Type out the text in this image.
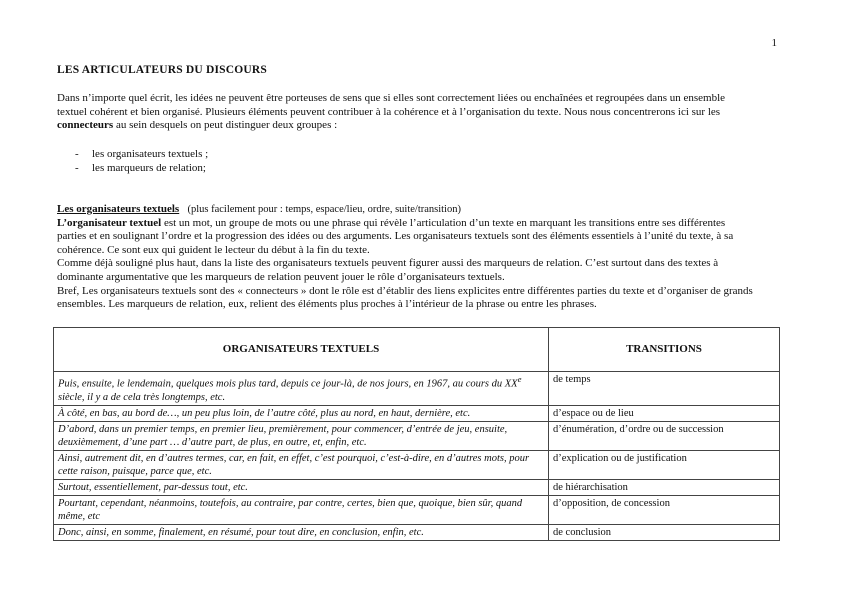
1
LES ARTICULATEURS DU DISCOURS
Dans n’importe quel écrit, les idées ne peuvent être porteuses de sens que si elles sont correctement liées ou enchaînées et regroupées dans un ensemble textuel cohérent et bien organisé. Plusieurs éléments peuvent contribuer à la cohérence et à l’organisation du texte. Nous nous concentrerons ici sur les connecteurs au sein desquels on peut distinguer deux groupes :
- les organisateurs textuels ;
- les marqueurs de relation;
Les organisateurs textuels (plus facilement pour : temps, espace/lieu, ordre, suite/transition)
L’organisateur textuel est un mot, un groupe de mots ou une phrase qui révèle l’articulation d’un texte en marquant les transitions entre ses différentes parties et en soulignant l’ordre et la progression des idées ou des arguments. Les organisateurs textuels sont des éléments essentiels à l’unité du texte, à sa cohérence. Ce sont eux qui guident le lecteur du début à la fin du texte.
Comme déjà souligné plus haut, dans la liste des organisateurs textuels peuvent figurer aussi des marqueurs de relation. C’est surtout dans des textes à dominante argumentative que les marqueurs de relation peuvent jouer le rôle d’organisateurs textuels.
Bref, Les organisateurs textuels sont des « connecteurs » dont le rôle est d’établir des liens explicites entre différentes parties du texte et d’organiser de grands ensembles. Les marqueurs de relation, eux, relient des éléments plus proches à l’intérieur de la phrase ou entre les phrases.
ORGANISATEURS TEXTUELS	TRANSITIONS
Puis, ensuite, le lendemain, quelques mois plus tard, depuis ce jour-là, de nos jours, en 1967, au cours du XXe siècle, il y a de cela très longtemps, etc.	de temps
À côté, en bas, au bord de…, un peu plus loin, de l’autre côté, plus au nord, en haut, dernière, etc.	d’espace ou de lieu
D’abord, dans un premier temps, en premier lieu, premièrement, pour commencer, d’entrée de jeu, ensuite, deuxièmement, d’une part … d’autre part, de plus, en outre, et, enfin, etc.	d’énumération, d’ordre ou de succession
Ainsi, autrement dit, en d’autres termes, car, en fait, en effet, c’est pourquoi, c’est-à-dire, en d’autres mots, pour cette raison, puisque, parce que, etc.	d’explication ou de justification
Surtout, essentiellement, par-dessus tout, etc.	de hiérarchisation
Pourtant, cependant, néanmoins, toutefois, au contraire, par contre, certes, bien que, quoique, bien sûr, quand même, etc	d’opposition, de concession
Donc, ainsi, en somme, finalement, en résumé, pour tout dire, en conclusion, enfin, etc.	de conclusion
